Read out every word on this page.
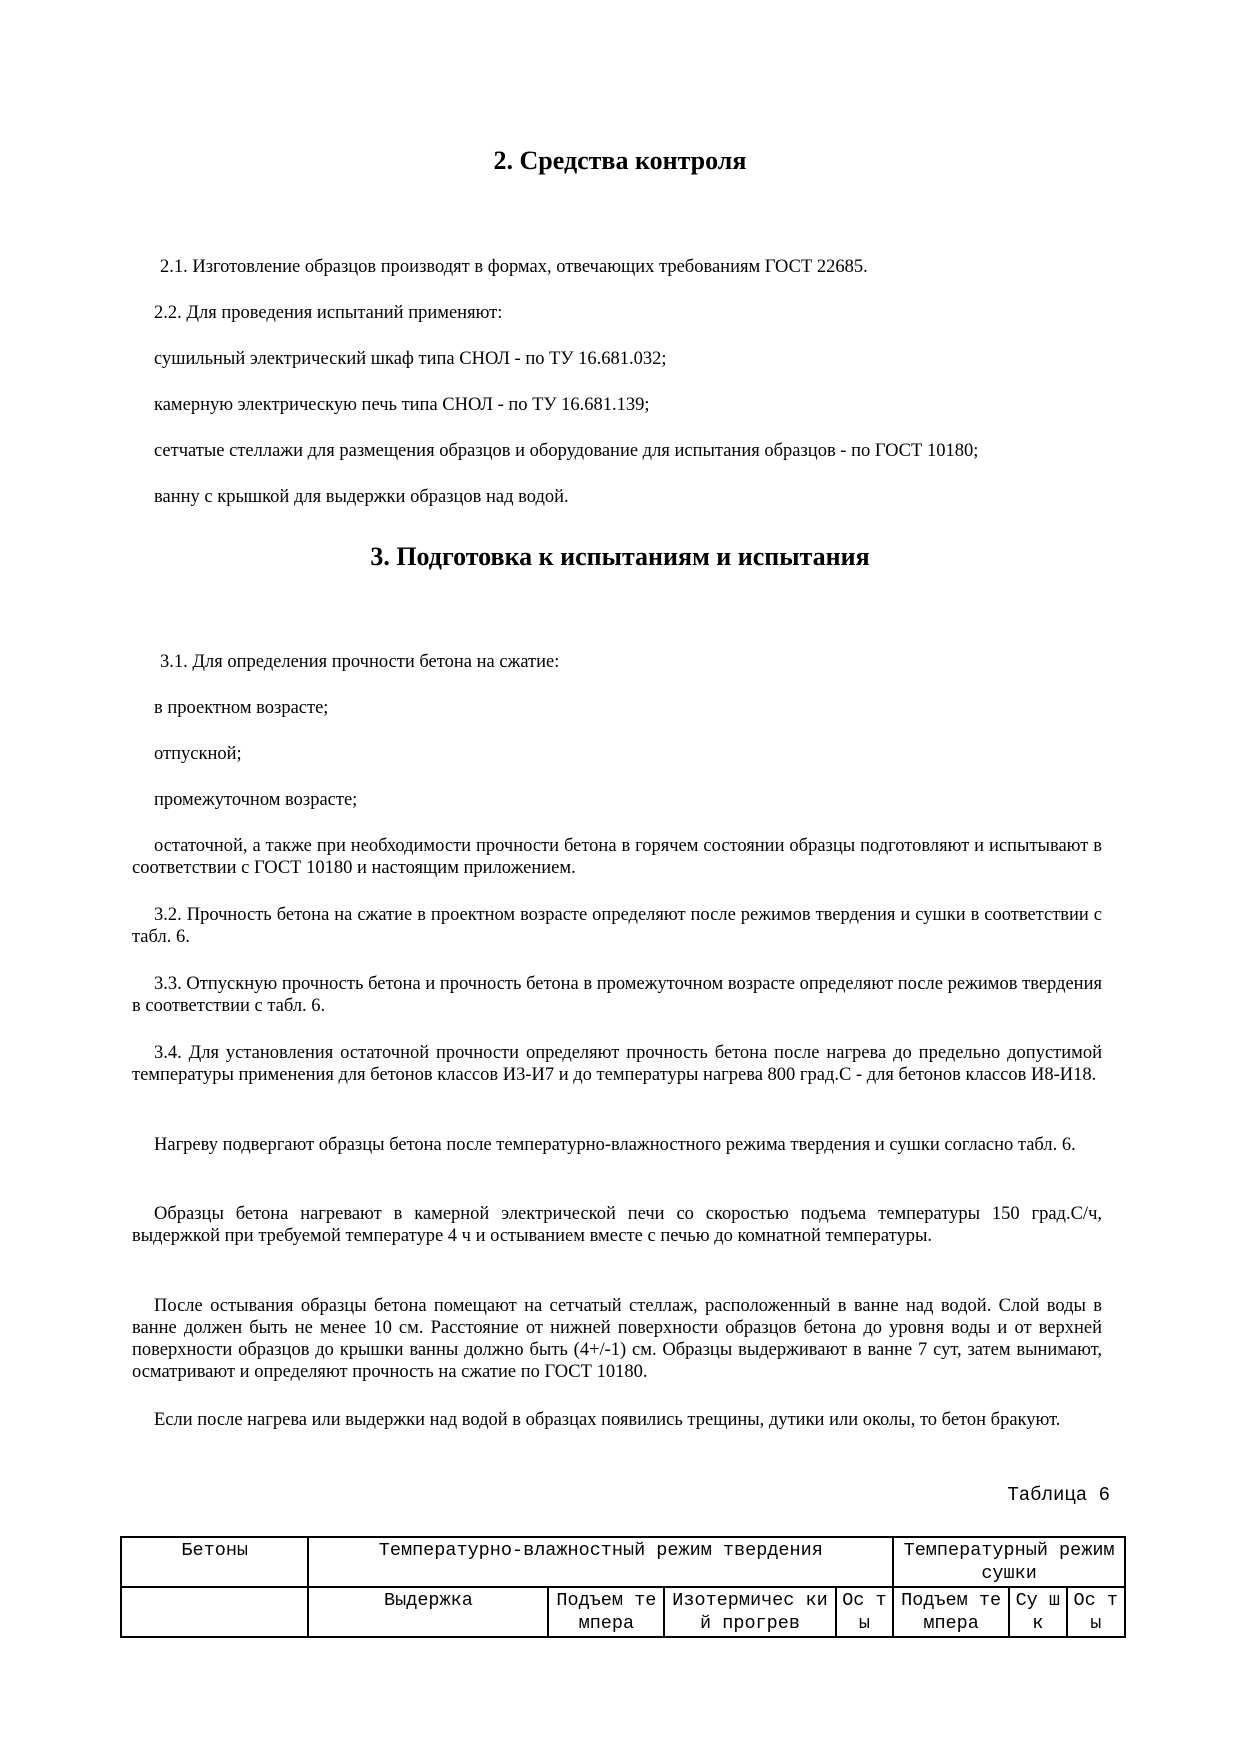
2. Средства контроля

2.1. Изготовление образцов производят в формах, отвечающих требованиям ГОСТ 22685.

2.2. Для проведения испытаний применяют:

сушильный электрический шкаф типа СНОЛ - по ТУ 16.681.032;

камерную электрическую печь типа СНОЛ - по ТУ 16.681.139;

сетчатые стеллажи для размещения образцов и оборудование для испытания образцов - по ГОСТ 10180;

ванну с крышкой для выдержки образцов над водой.

3. Подготовка к испытаниям и испытания

3.1. Для определения прочности бетона на сжатие:

в проектном возрасте;

отпускной;

промежуточном возрасте;

остаточной, а также при необходимости прочности бетона в горячем состоянии образцы подготовляют и испытывают в соответствии с ГОСТ 10180 и настоящим приложением.

3.2. Прочность бетона на сжатие в проектном возрасте определяют после режимов твердения и сушки в соответствии с табл. 6.

3.3. Отпускную прочность бетона и прочность бетона в промежуточном возрасте определяют после режимов твердения в соответствии с табл. 6.

3.4. Для установления остаточной прочности определяют прочность бетона после нагрева до предельно допустимой температуры применения для бетонов классов И3-И7 и до температуры нагрева 800 град.С - для бетонов классов И8-И18.

Нагреву подвергают образцы бетона после температурно-влажностного режима твердения и сушки согласно табл. 6.

Образцы бетона нагревают в камерной электрической печи со скоростью подъема температуры 150 град.С/ч, выдержкой при требуемой температуре 4 ч и остыванием вместе с печью до комнатной температуры.

После остывания образцы бетона помещают на сетчатый стеллаж, расположенный в ванне над водой. Слой воды в ванне должен быть не менее 10 см. Расстояние от нижней поверхности образцов бетона до уровня воды и от верхней поверхности образцов до крышки ванны должно быть (4+/-1) см. Образцы выдерживают в ванне 7 сут, затем вынимают, осматривают и определяют прочность на сжатие по ГОСТ 10180.

Если после нагрева или выдержки над водой в образцах появились трещины, дутики или околы, то бетон бракуют.

Таблица 6
Бетоны	Температурно-влажностный режим твердения				Температурный режим сушки		
	Выдержка	Подъем темпера	Изотермичес кий прогрев	Ос ты	Подъем темпера	Су шк	Ос ты
